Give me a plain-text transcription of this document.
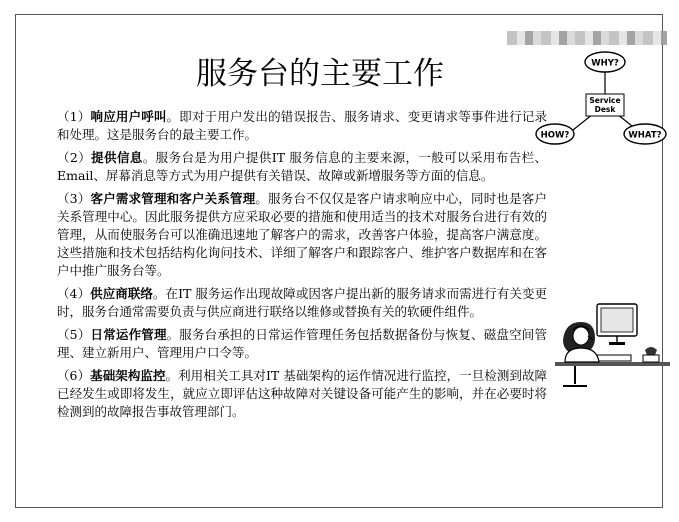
服务台的主要工作	WHY?
Service
Desk
HOW?	WHAT?

（1）响应用户呼叫。即对于用户发出的错误报告、服务请求、变更请求等事件进行记录和处理。这是服务台的最主要工作。

（2）提供信息。服务台是为用户提供IT 服务信息的主要来源，一般可以采用布告栏、Email、屏幕消息等方式为用户提供有关错误、故障或新增服务等方面的信息。

（3）客户需求管理和客户关系管理。服务台不仅仅是客户请求响应中心，同时也是客户关系管理中心。因此服务提供方应采取必要的措施和使用适当的技术对服务台进行有效的管理，从而使服务台可以准确迅速地了解客户的需求，改善客户体验，提高客户满意度。这些措施和技术包括结构化询问技术、详细了解客户和跟踪客户、维护客户数据库和在客户中推广服务台等。

（4）供应商联络。在IT 服务运作出现故障或因客户提出新的服务请求而需进行有关变更时，服务台通常需要负责与供应商进行联络以维修或替换有关的软硬件组件。

（5）日常运作管理。服务台承担的日常运作管理任务包括数据备份与恢复、磁盘空间管理、建立新用户、管理用户口令等。

（6）基础架构监控。利用相关工具对IT 基础架构的运作情况进行监控，一旦检测到故障已经发生或即将发生，就应立即评估这种故障对关键设备可能产生的影响，并在必要时将检测到的故障报告事故管理部门。
